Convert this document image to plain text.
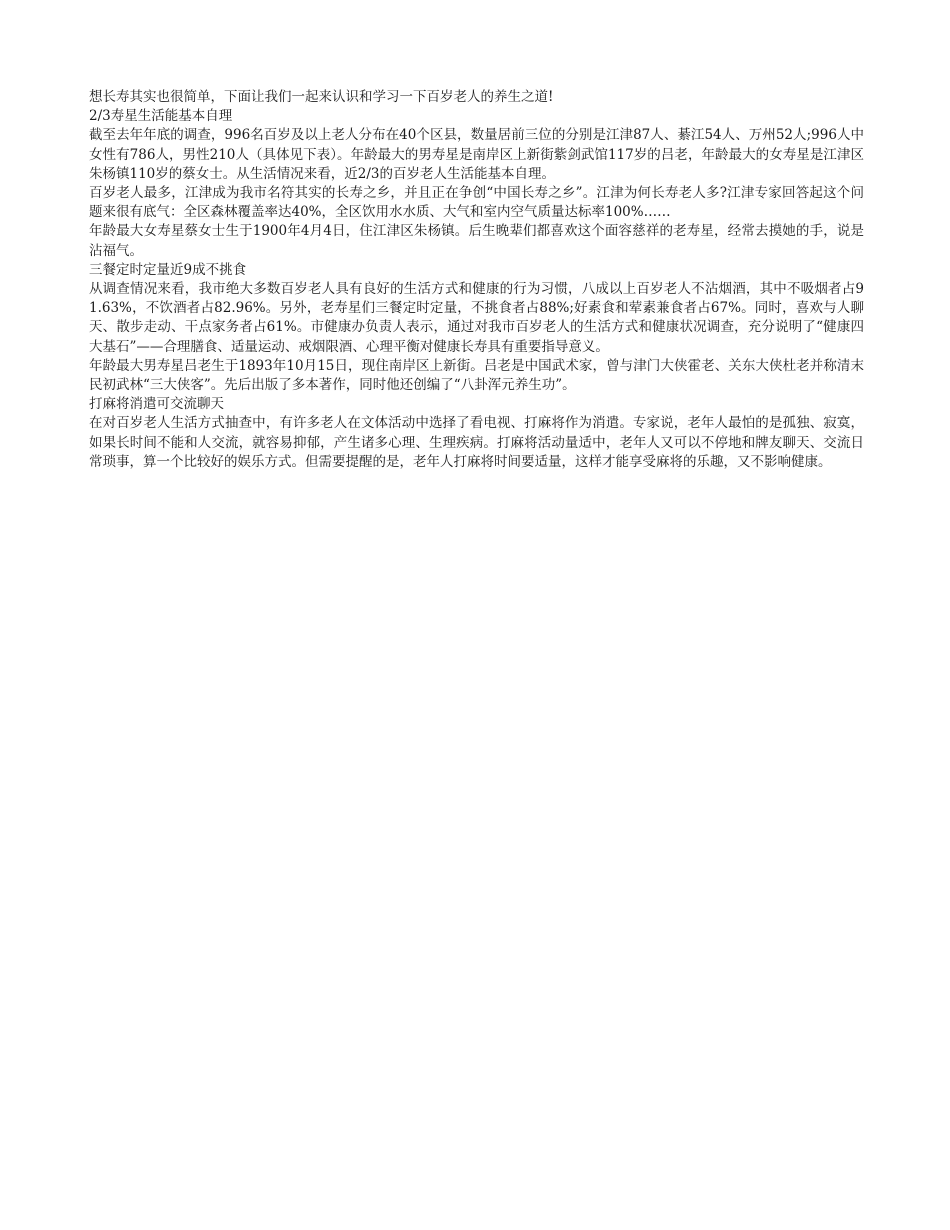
想长寿其实也很简单，下面让我们一起来认识和学习一下百岁老人的养生之道!

2/3寿星生活能基本自理

截至去年年底的调查，996名百岁及以上老人分布在40个区县，数量居前三位的分别是江津87人、綦江54人、万州52人;996人中女性有786人，男性210人（具体见下表）。年龄最大的男寿星是南岸区上新街紫剑武馆117岁的吕老，年龄最大的女寿星是江津区朱杨镇110岁的蔡女士。从生活情况来看，近2/3的百岁老人生活能基本自理。

百岁老人最多，江津成为我市名符其实的长寿之乡，并且正在争创“中国长寿之乡”。江津为何长寿老人多?江津专家回答起这个问题来很有底气：全区森林覆盖率达40%，全区饮用水水质、大气和室内空气质量达标率100%……

年龄最大女寿星蔡女士生于1900年4月4日，住江津区朱杨镇。后生晚辈们都喜欢这个面容慈祥的老寿星，经常去摸她的手，说是沾福气。

三餐定时定量近9成不挑食

从调查情况来看，我市绝大多数百岁老人具有良好的生活方式和健康的行为习惯，八成以上百岁老人不沾烟酒，其中不吸烟者占91.63%，不饮酒者占82.96%。另外，老寿星们三餐定时定量，不挑食者占88%;好素食和荤素兼食者占67%。同时，喜欢与人聊天、散步走动、干点家务者占61%。市健康办负责人表示，通过对我市百岁老人的生活方式和健康状况调查，充分说明了“健康四大基石”——合理膳食、适量运动、戒烟限酒、心理平衡对健康长寿具有重要指导意义。

年龄最大男寿星吕老生于1893年10月15日，现住南岸区上新街。吕老是中国武术家，曾与津门大侠霍老、关东大侠杜老并称清末民初武林“三大侠客”。先后出版了多本著作，同时他还创编了“八卦浑元养生功”。

打麻将消遣可交流聊天

在对百岁老人生活方式抽查中，有许多老人在文体活动中选择了看电视、打麻将作为消遣。专家说，老年人最怕的是孤独、寂寞，如果长时间不能和人交流，就容易抑郁，产生诸多心理、生理疾病。打麻将活动量适中，老年人又可以不停地和牌友聊天、交流日常琐事，算一个比较好的娱乐方式。但需要提醒的是，老年人打麻将时间要适量，这样才能享受麻将的乐趣，又不影响健康。
